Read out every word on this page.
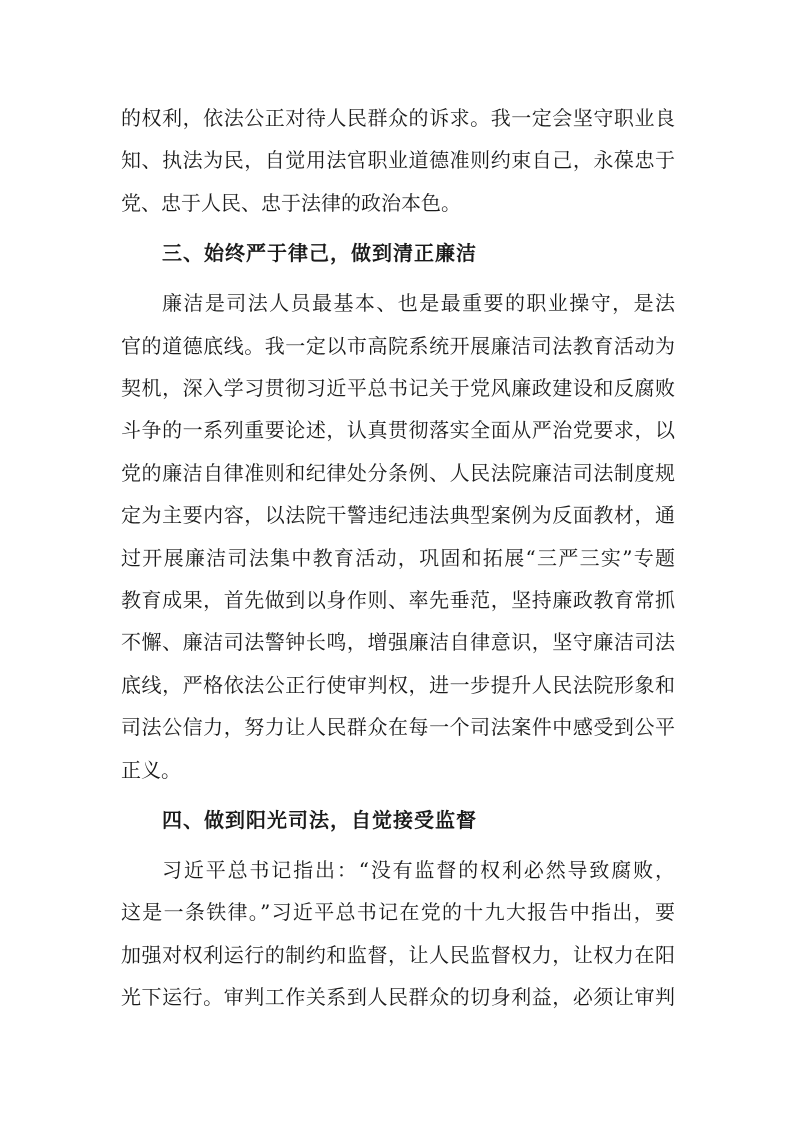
的权利，依法公正对待人民群众的诉求。我一定会坚守职业良
知、执法为民，自觉用法官职业道德准则约束自己，永葆忠于
党、忠于人民、忠于法律的政治本色。
三、始终严于律己，做到清正廉洁
廉洁是司法人员最基本、也是最重要的职业操守，是法
官的道德底线。我一定以市高院系统开展廉洁司法教育活动为
契机，深入学习贯彻习近平总书记关于党风廉政建设和反腐败
斗争的一系列重要论述，认真贯彻落实全面从严治党要求，以
党的廉洁自律准则和纪律处分条例、人民法院廉洁司法制度规
定为主要内容，以法院干警违纪违法典型案例为反面教材，通
过开展廉洁司法集中教育活动，巩固和拓展“三严三实”专题
教育成果，首先做到以身作则、率先垂范，坚持廉政教育常抓
不懈、廉洁司法警钟长鸣，增强廉洁自律意识，坚守廉洁司法
底线，严格依法公正行使审判权，进一步提升人民法院形象和
司法公信力，努力让人民群众在每一个司法案件中感受到公平
正义。
四、做到阳光司法，自觉接受监督
习近平总书记指出：“没有监督的权利必然导致腐败，
这是一条铁律。”习近平总书记在党的十九大报告中指出，要
加强对权利运行的制约和监督，让人民监督权力，让权力在阳
光下运行。审判工作关系到人民群众的切身利益，必须让审判
